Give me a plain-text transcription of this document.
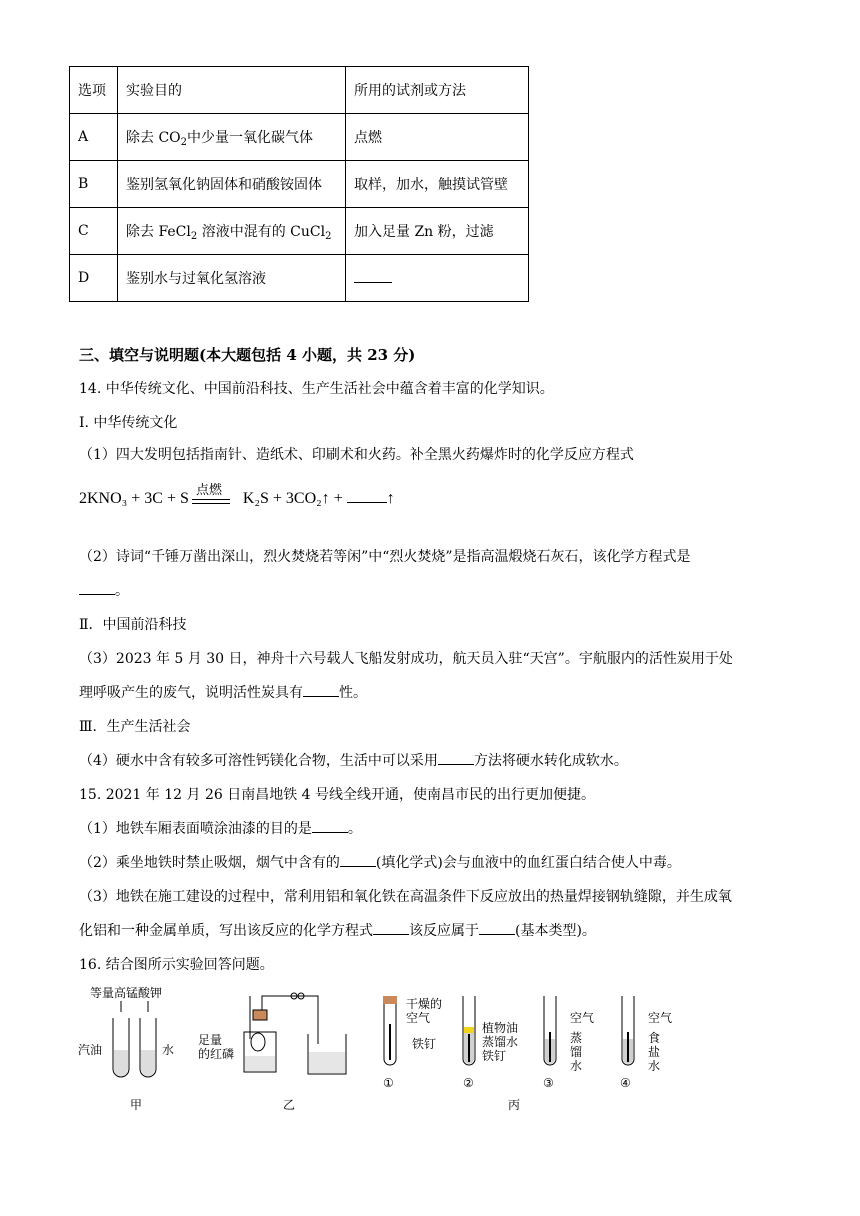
选项	实验目的	所用的试剂或方法
A	除去 $CO_2$中少量一氧化碳气体	点燃
B	鉴别氢氧化钠固体和硝酸铵固体	取样，加水，触摸试管壁
C	除去 FeCl$_2$ 溶液中混有的 CuCl$_2$	加入足量 Zn 粉，过滤
D	鉴别水与过氧化氢溶液	
三、填空与说明题(本大题包括 4 小题，共 23 分)
14. 中华传统文化、中国前沿科技、生产生活社会中蕴含着丰富的化学知识。
I. 中华传统文化
（1）四大发明包括指南针、造纸术、印刷术和火药。补全黑火药爆炸时的化学反应方程式
点燃
2KNO₃ + 3C + S	K₂S + 3CO₂↑ +	↑
（2）诗词“千锤万凿出深山，烈火焚烧若等闲”中“烈火焚烧”是指高温煅烧石灰石，该化学方程式是
。
Ⅱ．中国前沿科技
（3）2023 年 5 月 30 日，神舟十六号载人飞船发射成功，航天员入驻“天宫”。宇航服内的活性炭用于处
理呼吸产生的废气，说明活性炭具有	性。
Ⅲ．生产生活社会
（4）硬水中含有较多可溶性钙镁化合物，生活中可以采用	方法将硬水转化成软水。
15. 2021 年 12 月 26 日南昌地铁 4 号线全线开通，使南昌市民的出行更加便捷。
（1）地铁车厢表面喷涂油漆的目的是	。
（2）乘坐地铁时禁止吸烟，烟气中含有的	(填化学式)会与血液中的血红蛋白结合使人中毒。
（3）地铁在施工建设的过程中，常利用铝和氧化铁在高温条件下反应放出的热量焊接钢轨缝隙，并生成氧
化铝和一种金属单质，写出该反应的化学方程式	该反应属于	(基本类型)。
16. 结合图所示实验回答问题。
等量高锰酸钾
汽油	水
甲
足量
的红磷
乙
干燥的
空气
铁钉
①
植物油
蒸馏水
铁钉
②
空气
蒸
馏
水
③
空气
食
盐
水
④
丙
